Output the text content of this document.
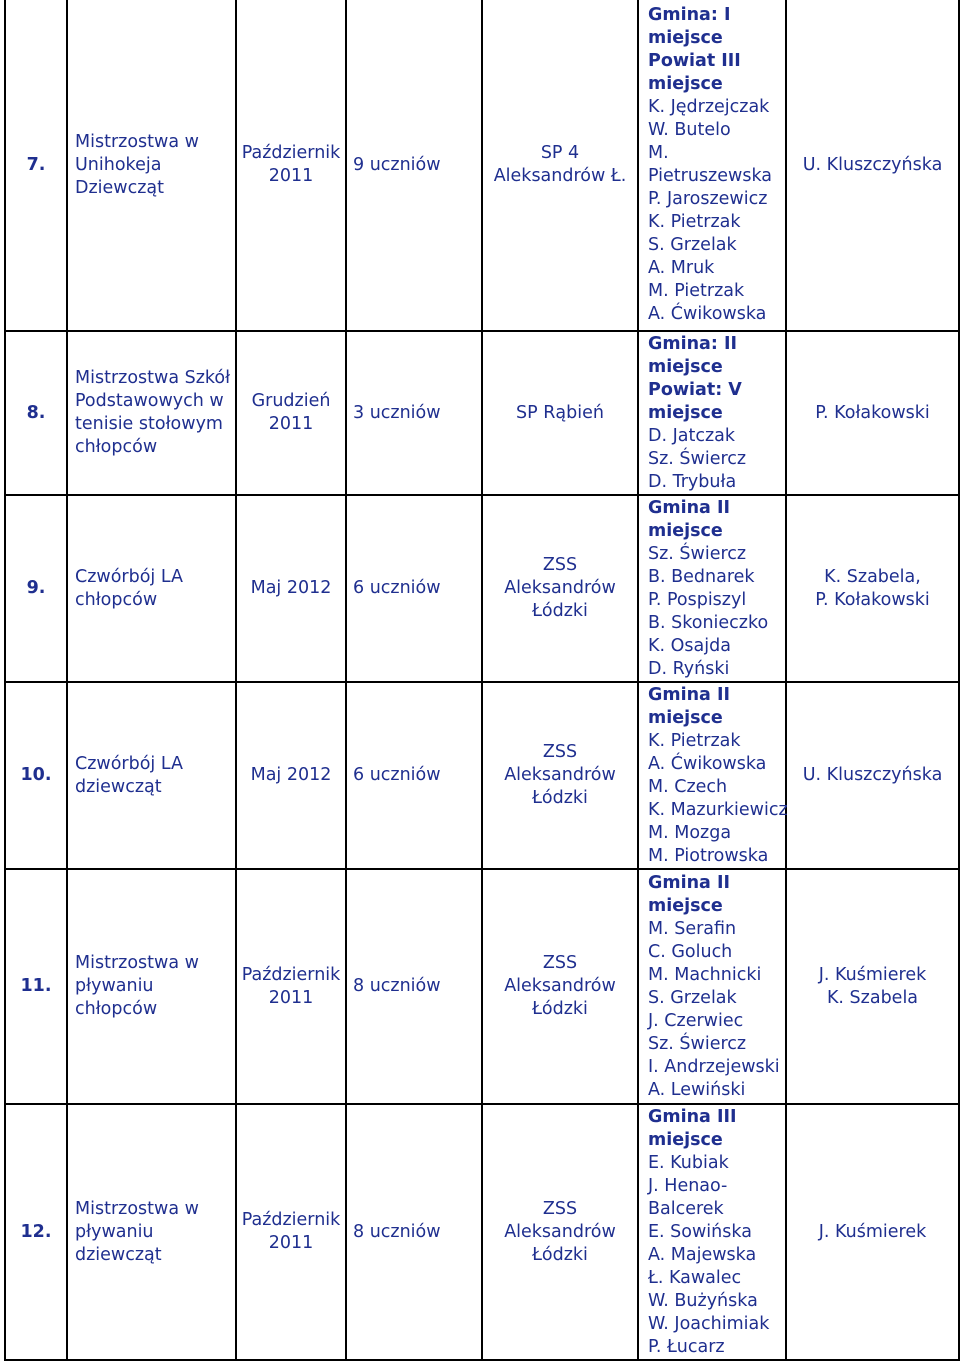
7.
Mistrzostwa w
Unihokeja
Dziewcząt
Październik
2011
9 uczniów
SP 4
Aleksandrów Ł.
Gmina: I
miejsce
Powiat III
miejsce
K. Jędrzejczak
W. Butelo
M.
Pietruszewska
P. Jaroszewicz
K. Pietrzak
S. Grzelak
A. Mruk
M. Pietrzak
A. Ćwikowska
U. Kluszczyńska
8.
Mistrzostwa Szkół
Podstawowych w
tenisie stołowym
chłopców
Grudzień
2011
3 uczniów	SP Rąbień
Gmina: II
miejsce
Powiat: V
miejsce
D. Jatczak
Sz. Świercz
D. Trybuła
P. Kołakowski
9.
Czwórbój LA
chłopców
Maj 2012 6 uczniów
ZSS
Aleksandrów
Łódzki
Gmina II
miejsce
Sz. Świercz
B. Bednarek
P. Pospiszyl
B. Skonieczko
K. Osajda
D. Ryński
K. Szabela,
P. Kołakowski
10.
Czwórbój LA
dziewcząt
Maj 2012 6 uczniów
ZSS
Aleksandrów
Łódzki
Gmina II
miejsce
K. Pietrzak
A. Ćwikowska
M. Czech
K. Mazurkiewicz
M. Mozga
M. Piotrowska
U. Kluszczyńska
11.
Mistrzostwa w
pływaniu
chłopców
Październik
2011
8 uczniów
ZSS
Aleksandrów
Łódzki
Gmina II
miejsce
M. Serafin
C. Goluch
M. Machnicki
S. Grzelak
J. Czerwiec
Sz. Świercz
I. Andrzejewski
A. Lewiński
J. Kuśmierek
K. Szabela
12.
Mistrzostwa w
pływaniu
dziewcząt
Październik
2011
8 uczniów
ZSS
Aleksandrów
Łódzki
Gmina III
miejsce
E. Kubiak
J. Henao-
Balcerek
E. Sowińska
A. Majewska
Ł. Kawalec
W. Bużyńska
W. Joachimiak
P. Łucarz
J. Kuśmierek
